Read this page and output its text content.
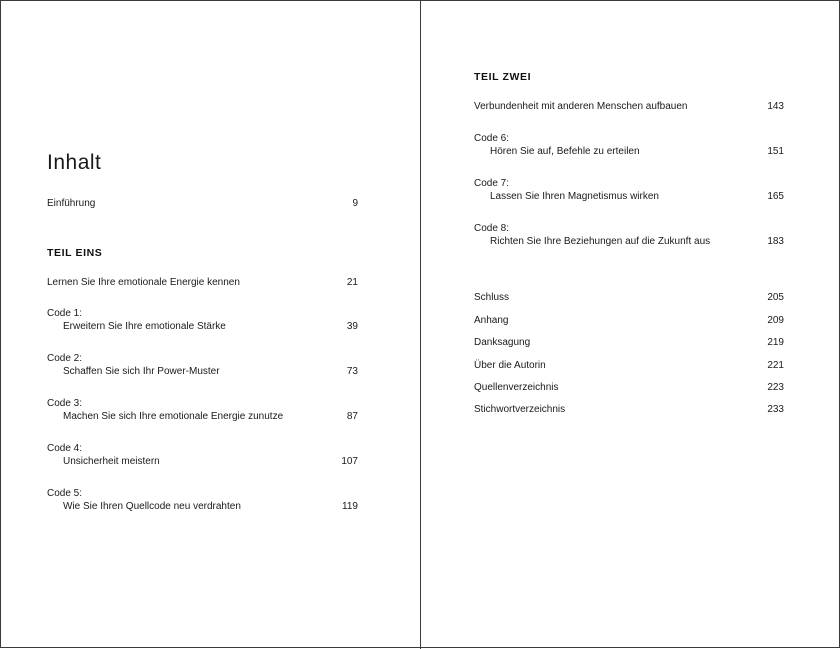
Inhalt
Einführung	9
TEIL EINS
Lernen Sie Ihre emotionale Energie kennen	21
Code 1:
Erweitern Sie Ihre emotionale Stärke	39
Code 2:
Schaffen Sie sich Ihr Power-Muster	73
Code 3:
Machen Sie sich Ihre emotionale Energie zunutze	87
Code 4:
Unsicherheit meistern	107
Code 5:
Wie Sie Ihren Quellcode neu verdrahten	119
TEIL ZWEI
Verbundenheit mit anderen Menschen aufbauen	143
Code 6:
Hören Sie auf, Befehle zu erteilen	151
Code 7:
Lassen Sie Ihren Magnetismus wirken	165
Code 8:
Richten Sie Ihre Beziehungen auf die Zukunft aus	183
Schluss	205
Anhang	209
Danksagung	219
Über die Autorin	221
Quellenverzeichnis	223
Stichwortverzeichnis	233
